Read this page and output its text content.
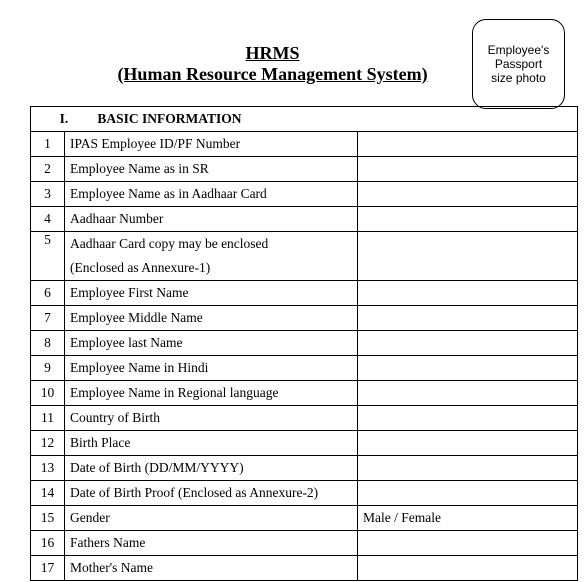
HRMS
(Human Resource Management System)
Employee's
Passport
size photo
I. BASIC INFORMATION		
1	IPAS Employee ID/PF Number	
2	Employee Name as in SR	
3	Employee Name as in Aadhaar Card	
4	Aadhaar Number	
5	Aadhaar Card copy may be enclosed
(Enclosed as Annexure-1)	

6	Employee First Name	
7	Employee Middle Name	
8	Employee last Name	
9	Employee Name in Hindi	
10	Employee Name in Regional language	
11	Country of Birth	
12	Birth Place	
13	Date of Birth (DD/MM/YYYY)	
14	Date of Birth Proof (Enclosed as Annexure-2)	
15	Gender	Male / Female
16	Fathers Name	
17	Mother's Name	
